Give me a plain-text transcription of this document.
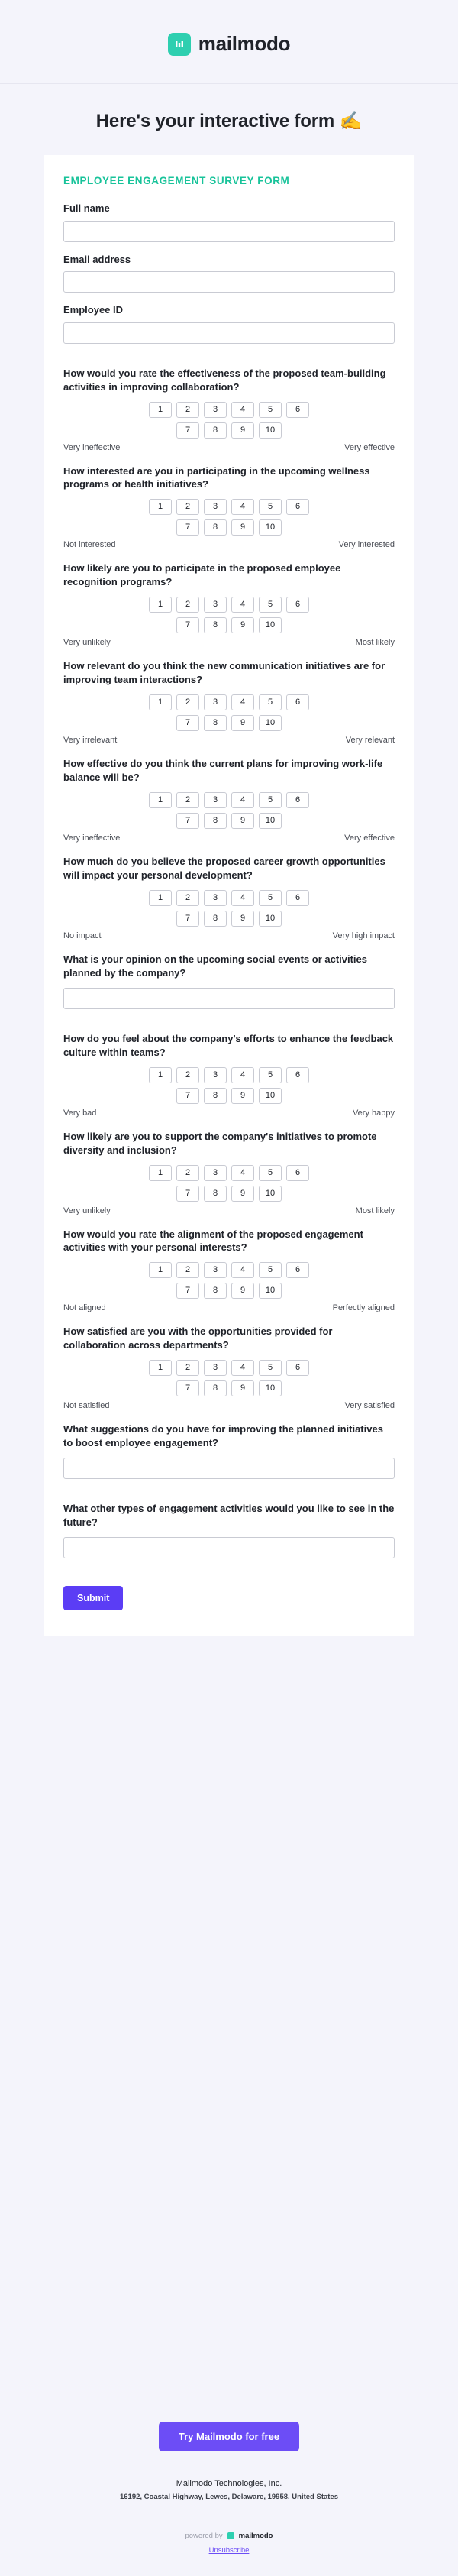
mailmodo
Here's your interactive form ✍
EMPLOYEE ENGAGEMENT SURVEY FORM
Full name
Email address
Employee ID
How would you rate the effectiveness of the proposed team-building activities in improving collaboration?
1	2	3	4	5	6
7	8	9	10
Very ineffective	Very effective
How interested are you in participating in the upcoming wellness programs or health initiatives?
1	2	3	4	5	6
7	8	9	10
Not interested	Very interested
How likely are you to participate in the proposed employee recognition programs?
1	2	3	4	5	6
7	8	9	10
Very unlikely	Most likely
How relevant do you think the new communication initiatives are for improving team interactions?
1	2	3	4	5	6
7	8	9	10
Very irrelevant	Very relevant
How effective do you think the current plans for improving work-life balance will be?
1	2	3	4	5	6
7	8	9	10
Very ineffective	Very effective
How much do you believe the proposed career growth opportunities will impact your personal development?
1	2	3	4	5	6
7	8	9	10
No impact	Very high impact
What is your opinion on the upcoming social events or activities planned by the company?
How do you feel about the company's efforts to enhance the feedback culture within teams?
1	2	3	4	5	6
7	8	9	10
Very bad	Very happy
How likely are you to support the company's initiatives to promote diversity and inclusion?
1	2	3	4	5	6
7	8	9	10
Very unlikely	Most likely
How would you rate the alignment of the proposed engagement activities with your personal interests?
1	2	3	4	5	6
7	8	9	10
Not aligned	Perfectly aligned
How satisfied are you with the opportunities provided for collaboration across departments?
1	2	3	4	5	6
7	8	9	10
Not satisfied	Very satisfied
What suggestions do you have for improving the planned initiatives to boost employee engagement?
What other types of engagement activities would you like to see in the future?
Submit
Try Mailmodo for free
Mailmodo Technologies, Inc.
16192, Coastal Highway, Lewes, Delaware, 19958, United States
powered by mailmodo
Unsubscribe
